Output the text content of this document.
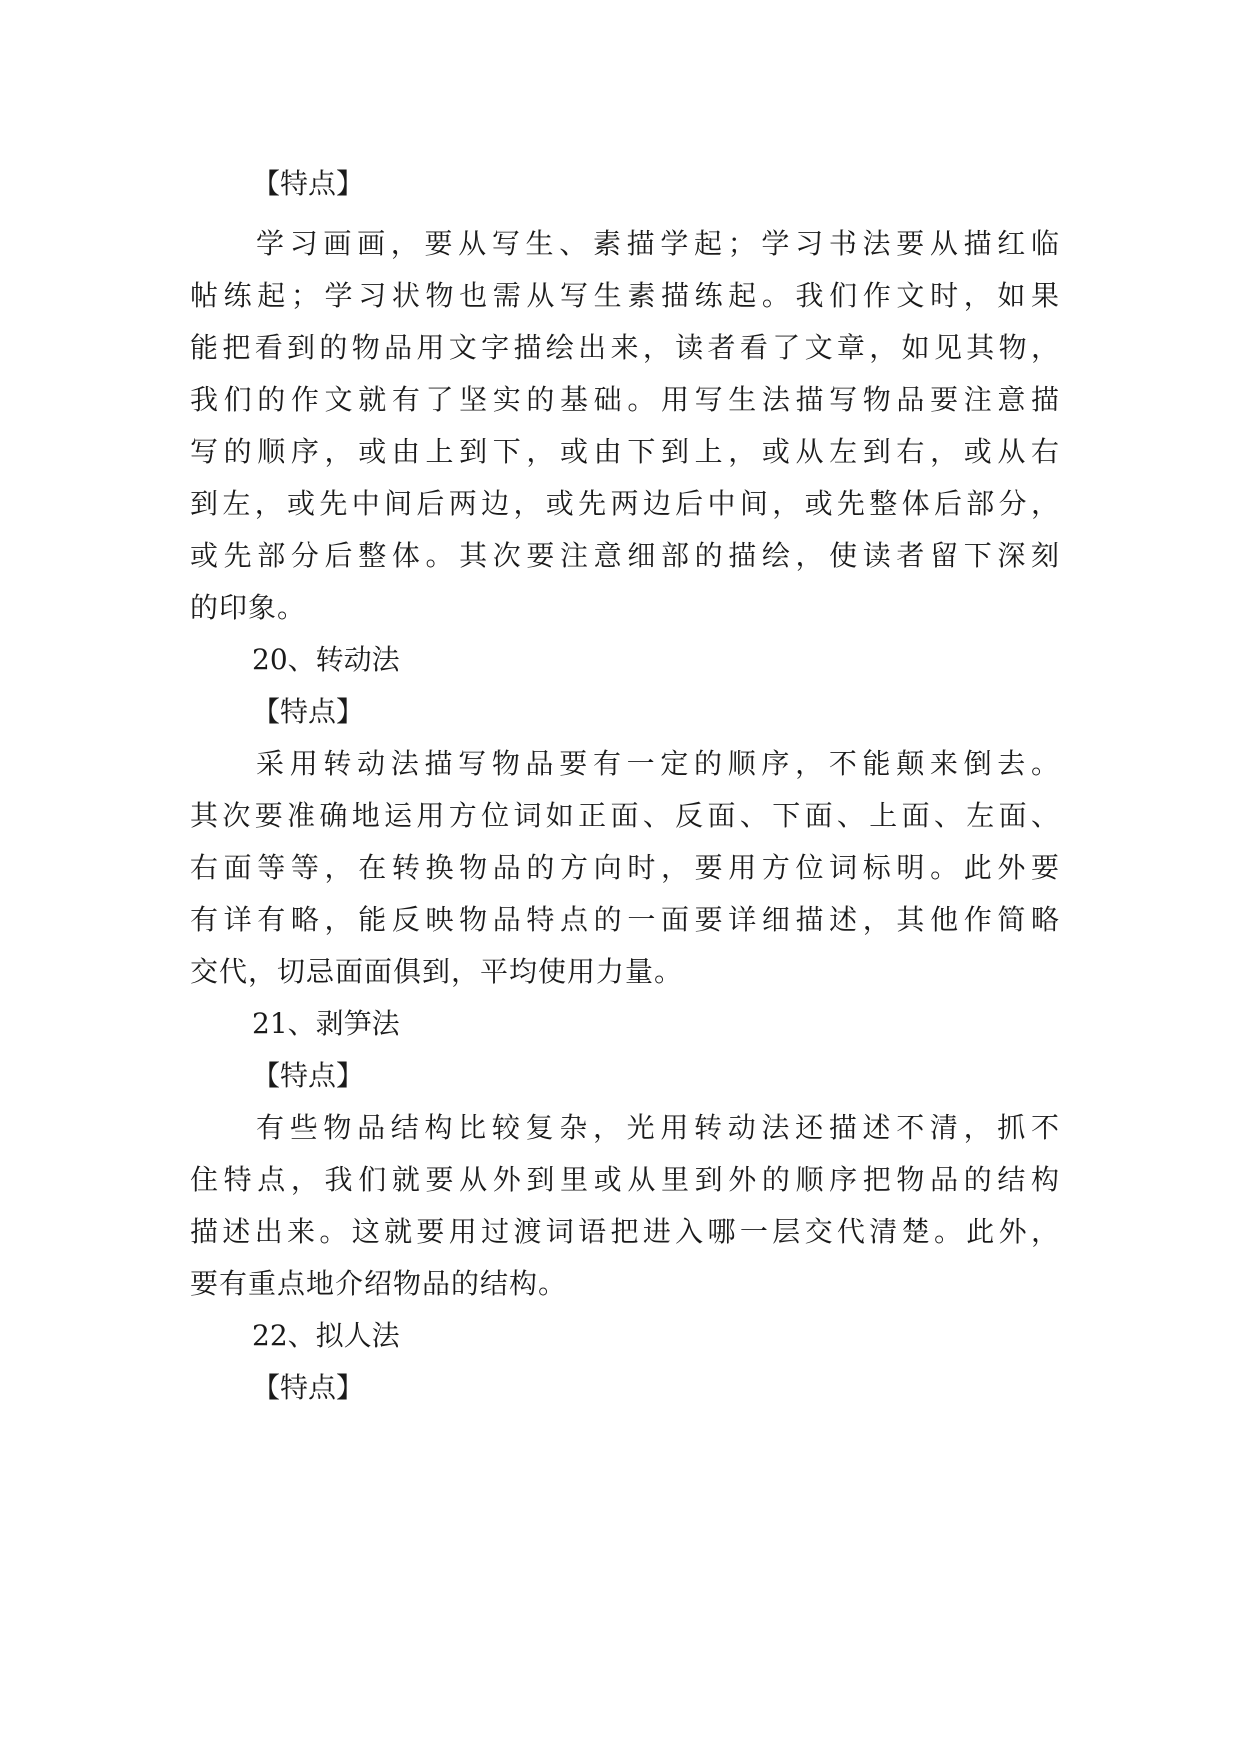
【特点】
学习画画，要从写生、素描学起；学习书法要从描红临
帖练起；学习状物也需从写生素描练起。我们作文时，如果
能把看到的物品用文字描绘出来，读者看了文章，如见其物，
我们的作文就有了坚实的基础。用写生法描写物品要注意描
写的顺序，或由上到下，或由下到上，或从左到右，或从右
到左，或先中间后两边，或先两边后中间，或先整体后部分，
或先部分后整体。其次要注意细部的描绘，使读者留下深刻
的印象。
20、转动法
【特点】
采用转动法描写物品要有一定的顺序，不能颠来倒去。
其次要准确地运用方位词如正面、反面、下面、上面、左面、
右面等等，在转换物品的方向时，要用方位词标明。此外要
有详有略，能反映物品特点的一面要详细描述，其他作简略
交代，切忌面面俱到，平均使用力量。
21、剥笋法
【特点】
有些物品结构比较复杂，光用转动法还描述不清，抓不
住特点，我们就要从外到里或从里到外的顺序把物品的结构
描述出来。这就要用过渡词语把进入哪一层交代清楚。此外，
要有重点地介绍物品的结构。
22、拟人法
【特点】
